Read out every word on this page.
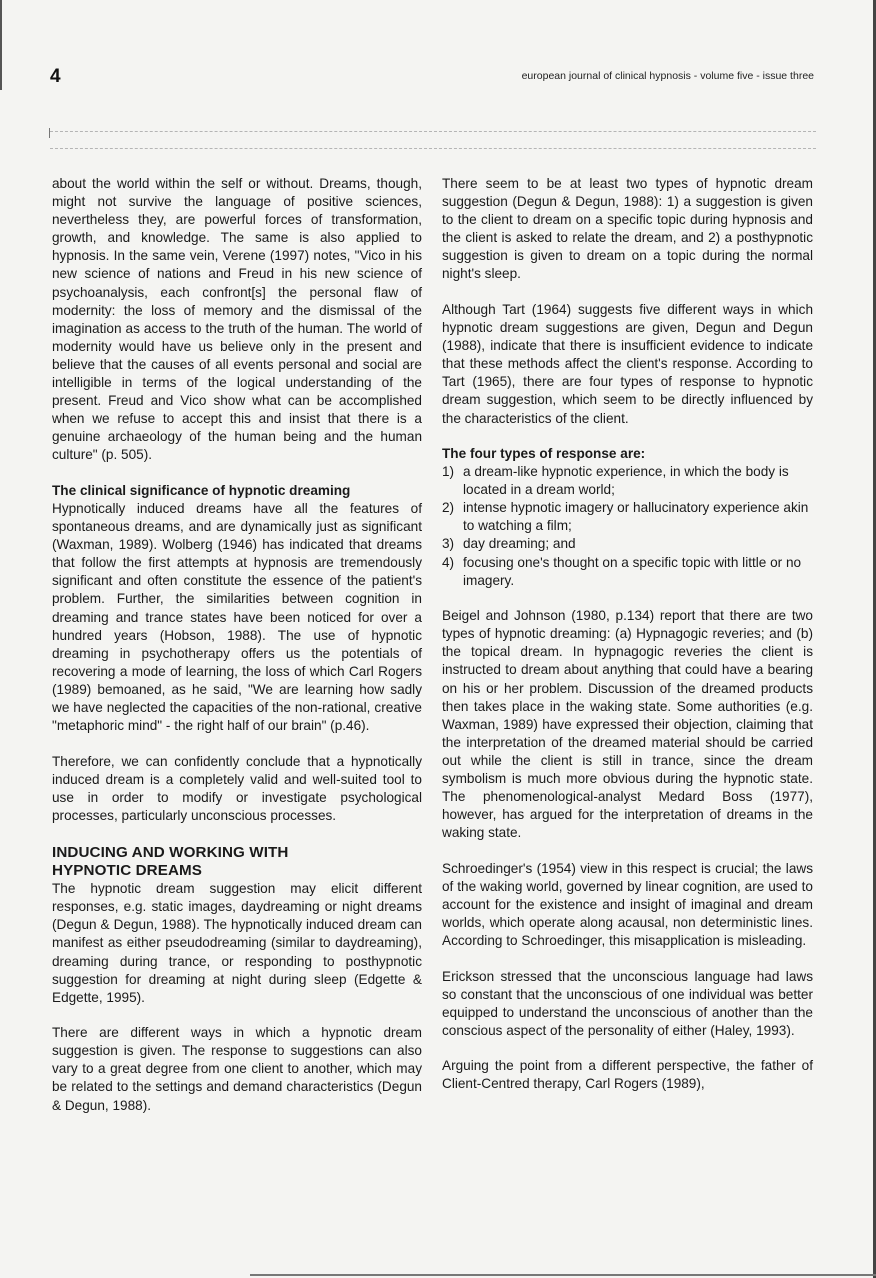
4	european journal of clinical hypnosis - volume five - issue three

about the world within the self or without. Dreams, though, might not survive the language of positive sciences, nevertheless they, are powerful forces of transformation, growth, and knowledge. The same is also applied to hypnosis. In the same vein, Verene (1997) notes, "Vico in his new science of nations and Freud in his new science of psychoanalysis, each confront[s] the personal flaw of modernity: the loss of memory and the dismissal of the imagination as access to the truth of the human. The world of modernity would have us believe only in the present and believe that the causes of all events personal and social are intelligible in terms of the logical understanding of the present. Freud and Vico show what can be accomplished when we refuse to accept this and insist that there is a genuine archaeology of the human being and the human culture" (p. 505).

The clinical significance of hypnotic dreaming

Hypnotically induced dreams have all the features of spontaneous dreams, and are dynamically just as significant (Waxman, 1989). Wolberg (1946) has indicated that dreams that follow the first attempts at hypnosis are tremendously significant and often constitute the essence of the patient's problem. Further, the similarities between cognition in dreaming and trance states have been noticed for over a hundred years (Hobson, 1988). The use of hypnotic dreaming in psychotherapy offers us the potentials of recovering a mode of learning, the loss of which Carl Rogers (1989) bemoaned, as he said, "We are learning how sadly we have neglected the capacities of the non-rational, creative "metaphoric mind" - the right half of our brain" (p.46).

Therefore, we can confidently conclude that a hypnotically induced dream is a completely valid and well-suited tool to use in order to modify or investigate psychological processes, particularly unconscious processes.

INDUCING AND WORKING WITH
HYPNOTIC DREAMS

The hypnotic dream suggestion may elicit different responses, e.g. static images, daydreaming or night dreams (Degun & Degun, 1988). The hypnotically induced dream can manifest as either pseudodreaming (similar to daydreaming), dreaming during trance, or responding to posthypnotic suggestion for dreaming at night during sleep (Edgette & Edgette, 1995).

There are different ways in which a hypnotic dream suggestion is given. The response to suggestions can also vary to a great degree from one client to another, which may be related to the settings and demand characteristics (Degun & Degun, 1988).

There seem to be at least two types of hypnotic dream suggestion (Degun & Degun, 1988): 1) a suggestion is given to the client to dream on a specific topic during hypnosis and the client is asked to relate the dream, and 2) a posthypnotic suggestion is given to dream on a topic during the normal night's sleep.

Although Tart (1964) suggests five different ways in which hypnotic dream suggestions are given, Degun and Degun (1988), indicate that there is insufficient evidence to indicate that these methods affect the client's response. According to Tart (1965), there are four types of response to hypnotic dream suggestion, which seem to be directly influenced by the characteristics of the client.

The four types of response are:
1) a dream-like hypnotic experience, in which the body is located in a dream world;
2) intense hypnotic imagery or hallucinatory experience akin to watching a film;
3) day dreaming; and
4) focusing one's thought on a specific topic with little or no imagery.

Beigel and Johnson (1980, p.134) report that there are two types of hypnotic dreaming: (a) Hypnagogic reveries; and (b) the topical dream. In hypnagogic reveries the client is instructed to dream about anything that could have a bearing on his or her problem. Discussion of the dreamed products then takes place in the waking state. Some authorities (e.g. Waxman, 1989) have expressed their objection, claiming that the interpretation of the dreamed material should be carried out while the client is still in trance, since the dream symbolism is much more obvious during the hypnotic state. The phenomenological-analyst Medard Boss (1977), however, has argued for the interpretation of dreams in the waking state.

Schroedinger's (1954) view in this respect is crucial; the laws of the waking world, governed by linear cognition, are used to account for the existence and insight of imaginal and dream worlds, which operate along acausal, non deterministic lines. According to Schroedinger, this misapplication is misleading.

Erickson stressed that the unconscious language had laws so constant that the unconscious of one individual was better equipped to understand the unconscious of another than the conscious aspect of the personality of either (Haley, 1993).

Arguing the point from a different perspective, the father of Client-Centred therapy, Carl Rogers (1989),
